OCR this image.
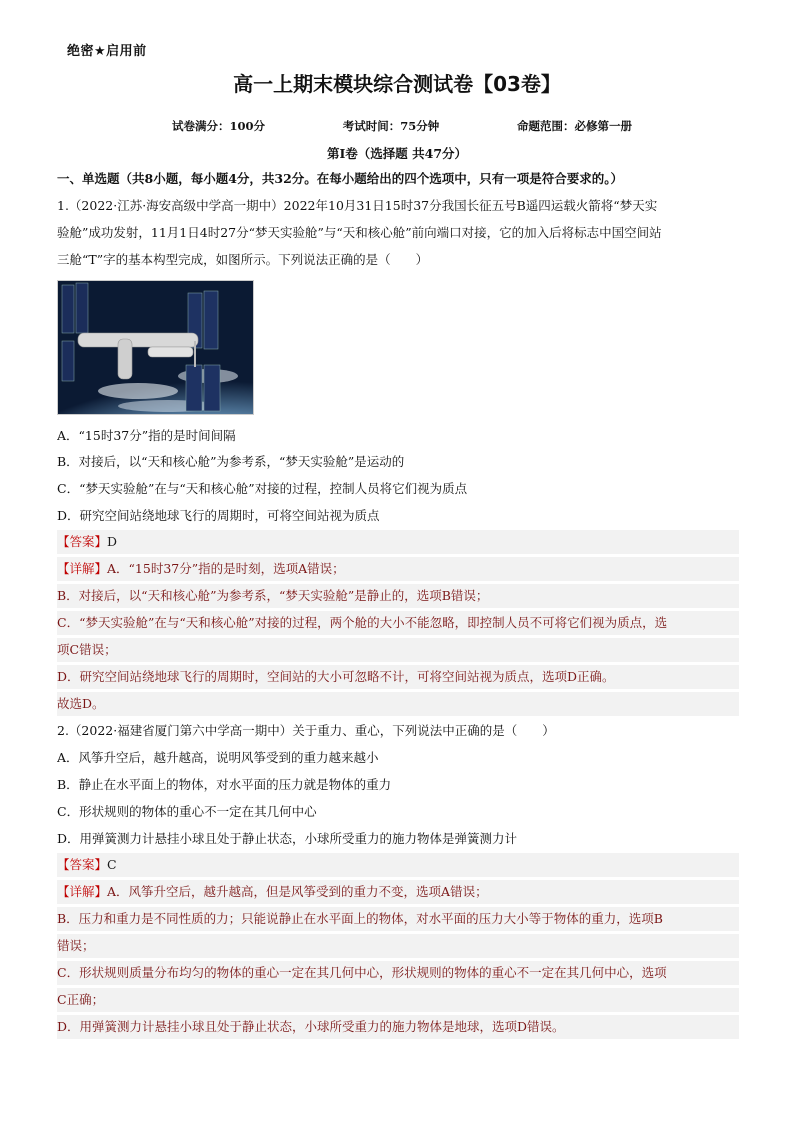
绝密★启用前
高一上期末模块综合测试卷【03卷】
试卷满分：100分	考试时间：75分钟	命题范围：必修第一册
第Ⅰ卷（选择题 共47分）
一、单选题（共8小题，每小题4分，共32分。在每小题给出的四个选项中，只有一项是符合要求的。）
1.（2022·江苏·海安高级中学高一期中）2022年10月31日15时37分我国长征五号B遥四运载火箭将“梦天实
验舱”成功发射，11月1日4时27分“梦天实验舱”与“天和核心舱”前向端口对接，它的加入后将标志中国空间站
三舱“T”字的基本构型完成，如图所示。下列说法正确的是（　　）
A．“15时37分”指的是时间间隔
B．对接后，以“天和核心舱”为参考系，“梦天实验舱”是运动的
C．“梦天实验舱”在与“天和核心舱”对接的过程，控制人员将它们视为质点
D．研究空间站绕地球飞行的周期时，可将空间站视为质点
【答案】D
【详解】A．“15时37分”指的是时刻，选项A错误；
B．对接后，以“天和核心舱”为参考系，“梦天实验舱”是静止的，选项B错误；
C．“梦天实验舱”在与“天和核心舱”对接的过程，两个舱的大小不能忽略，即控制人员不可将它们视为质点，选
项C错误；
D．研究空间站绕地球飞行的周期时，空间站的大小可忽略不计，可将空间站视为质点，选项D正确。
故选D。
2.（2022·福建省厦门第六中学高一期中）关于重力、重心，下列说法中正确的是（　　）
A．风筝升空后，越升越高，说明风筝受到的重力越来越小
B．静止在水平面上的物体，对水平面的压力就是物体的重力
C．形状规则的物体的重心不一定在其几何中心
D．用弹簧测力计悬挂小球且处于静止状态，小球所受重力的施力物体是弹簧测力计
【答案】C
【详解】A．风筝升空后，越升越高，但是风筝受到的重力不变，选项A错误；
B．压力和重力是不同性质的力；只能说静止在水平面上的物体，对水平面的压力大小等于物体的重力，选项B
错误；
C．形状规则质量分布均匀的物体的重心一定在其几何中心，形状规则的物体的重心不一定在其几何中心，选项
C正确；
D．用弹簧测力计悬挂小球且处于静止状态，小球所受重力的施力物体是地球，选项D错误。
